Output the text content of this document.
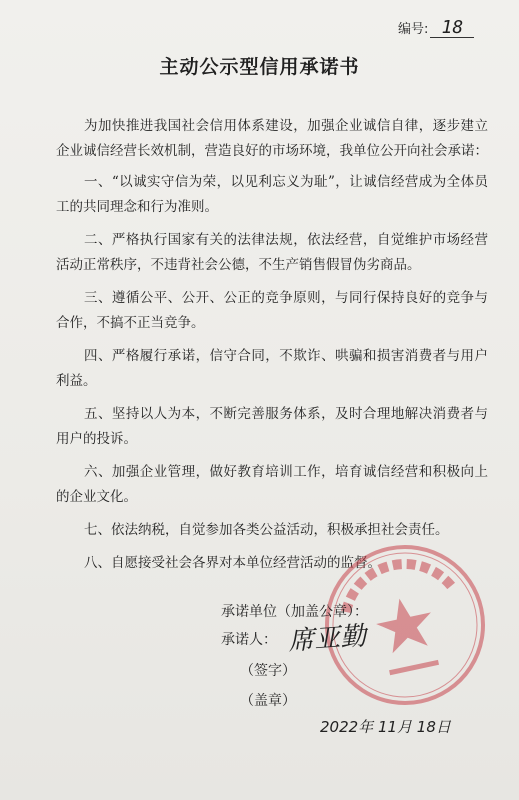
编号: 18
主动公示型信用承诺书

为加快推进我国社会信用体系建设，加强企业诚信自律，逐步建立企业诚信经营长效机制，营造良好的市场环境，我单位公开向社会承诺：

一、“以诚实守信为荣，以见利忘义为耻”，让诚信经营成为全体员工的共同理念和行为准则。

二、严格执行国家有关的法律法规，依法经营，自觉维护市场经营活动正常秩序，不违背社会公德，不生产销售假冒伪劣商品。

三、遵循公平、公开、公正的竞争原则，与同行保持良好的竞争与合作，不搞不正当竞争。

四、严格履行承诺，信守合同，不欺诈、哄骗和损害消费者与用户利益。

五、坚持以人为本，不断完善服务体系，及时合理地解决消费者与用户的投诉。

六、加强企业管理，做好教育培训工作，培育诚信经营和积极向上的企业文化。

七、依法纳税，自觉参加各类公益活动，积极承担社会责任。

八、自愿接受社会各界对本单位经营活动的监督。

承诺单位（加盖公章）：
承诺人： 席亚勤
（签字）
（盖章）
2022年 11月 18日
